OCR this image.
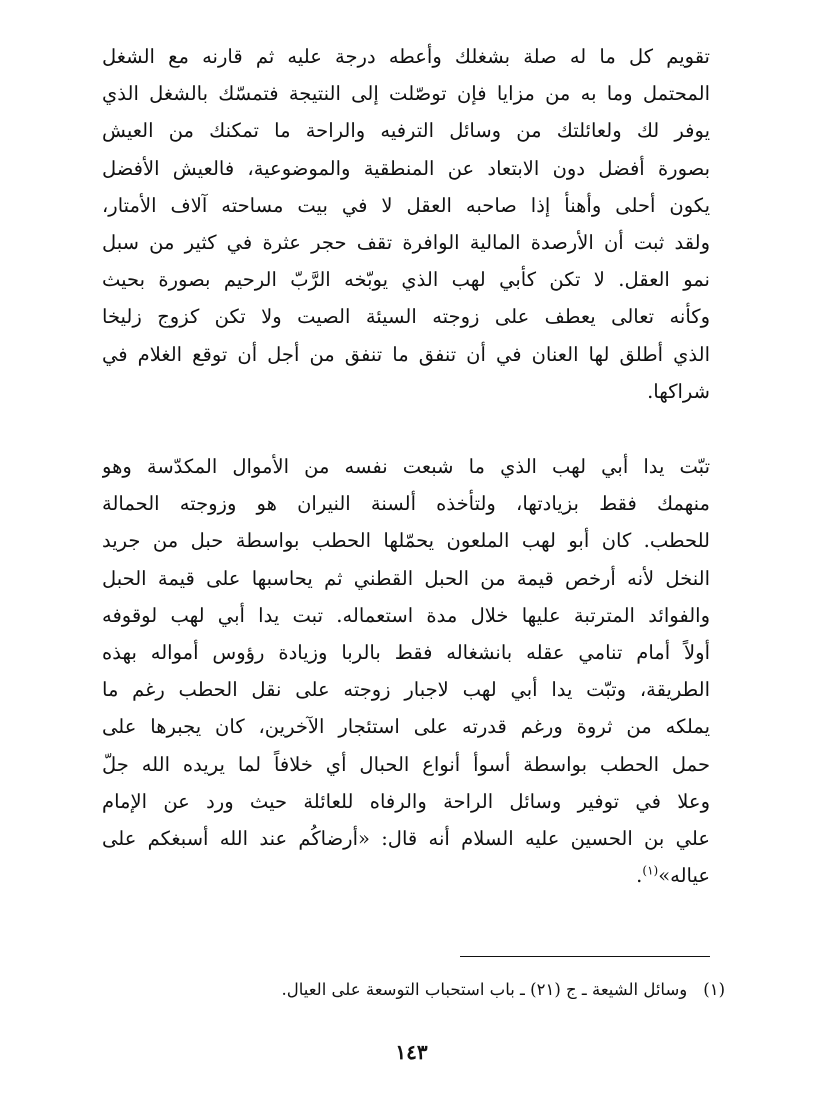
تقويم كل ما له صلة بشغلك وأعطه درجة عليه ثم قارنه مع الشغل
المحتمل وما به من مزايا فإن توصّلت إلى النتيجة فتمسّك بالشغل الذي
يوفر لك ولعائلتك من وسائل الترفيه والراحة ما تمكنك من العيش
بصورة أفضل دون الابتعاد عن المنطقية والموضوعية، فالعيش الأفضل
يكون أحلى وأهنأ إذا صاحبه العقل لا في بيت مساحته آلاف الأمتار،
ولقد ثبت أن الأرصدة المالية الوافرة تقف حجر عثرة في كثير من سبل
نمو العقل. لا تكن كأبي لهب الذي يوبّخه الرَّبّ الرحيم بصورة بحيث
وكأنه تعالى يعطف على زوجته السيئة الصيت ولا تكن كزوج زليخا
الذي أطلق لها العنان في أن تنفق ما تنفق من أجل أن توقع الغلام في
شراكها.
تبّت يدا أبي لهب الذي ما شبعت نفسه من الأموال المكدّسة وهو
منهمك فقط بزيادتها، ولتأخذه ألسنة النيران هو وزوجته الحمالة
للحطب. كان أبو لهب الملعون يحمّلها الحطب بواسطة حبل من جريد
النخل لأنه أرخص قيمة من الحبل القطني ثم يحاسبها على قيمة الحبل
والفوائد المترتبة عليها خلال مدة استعماله. تبت يدا أبي لهب لوقوفه
أولاً أمام تنامي عقله بانشغاله فقط بالربا وزيادة رؤوس أمواله بهذه
الطريقة، وتبّت يدا أبي لهب لاجبار زوجته على نقل الحطب رغم ما
يملكه من ثروة ورغم قدرته على استئجار الآخرين، كان يجبرها على
حمل الحطب بواسطة أسوأ أنواع الحبال أي خلافاً لما يريده الله جلّ
وعلا في توفير وسائل الراحة والرفاه للعائلة حيث ورد عن الإمام
علي بن الحسين عليه السلام أنه قال: «أرضاكُم عند الله أسبغكم على
عياله»$^{(١)}$.
(١)وسائل الشيعة ـ ج (٢١) ـ باب استحباب التوسعة على العيال.
١٤٣
